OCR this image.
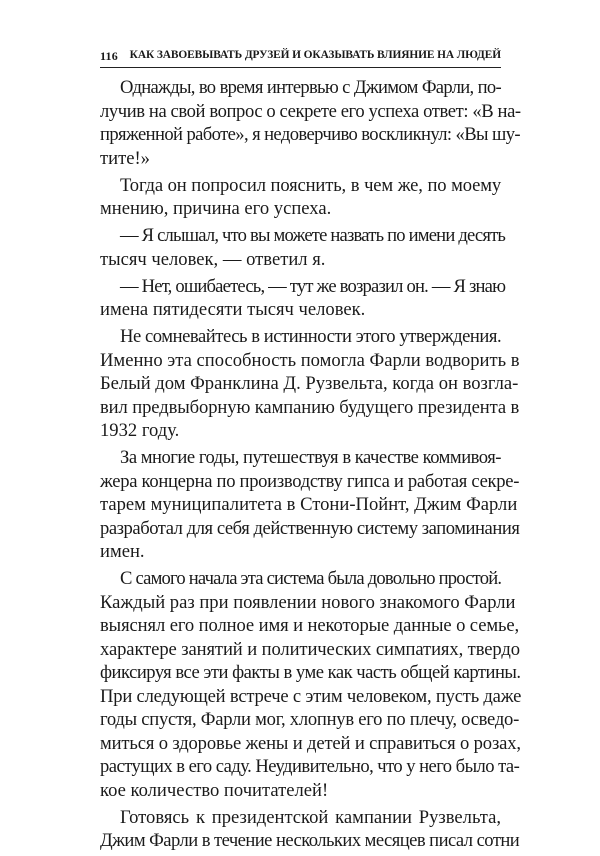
116 КАК ЗАВОЕВЫВАТЬ ДРУЗЕЙ И ОКАЗЫВАТЬ ВЛИЯНИЕ НА ЛЮДЕЙ

Однажды, во время интервью с Джимом Фарли, по-
лучив на свой вопрос о секрете его успеха ответ: «В на-
пряженной работе», я недоверчиво воскликнул: «Вы шу-
тите!»

Тогда он попросил пояснить, в чем же, по моему
мнению, причина его успеха.

— Я слышал, что вы можете назвать по имени десять
тысяч человек, — ответил я.

— Нет, ошибаетесь, — тут же возразил он. — Я знаю
имена пятидесяти тысяч человек.

Не сомневайтесь в истинности этого утверждения.
Именно эта способность помогла Фарли водворить в
Белый дом Франклина Д. Рузвельта, когда он возгла-
вил предвыборную кампанию будущего президента в
1932 году.

За многие годы, путешествуя в качестве коммивоя-
жера концерна по производству гипса и работая секре-
тарем муниципалитета в Стони-Пойнт, Джим Фарли
разработал для себя действенную систему запоминания
имен.

С самого начала эта система была довольно простой.
Каждый раз при появлении нового знакомого Фарли
выяснял его полное имя и некоторые данные о семье,
характере занятий и политических симпатиях, твердо
фиксируя все эти факты в уме как часть общей картины.
При следующей встрече с этим человеком, пусть даже
годы спустя, Фарли мог, хлопнув его по плечу, осведо-
миться о здоровье жены и детей и справиться о розах,
растущих в его саду. Неудивительно, что у него было та-
кое количество почитателей!

Готовясь к президентской кампании Рузвельта,
Джим Фарли в течение нескольких месяцев писал сотни
